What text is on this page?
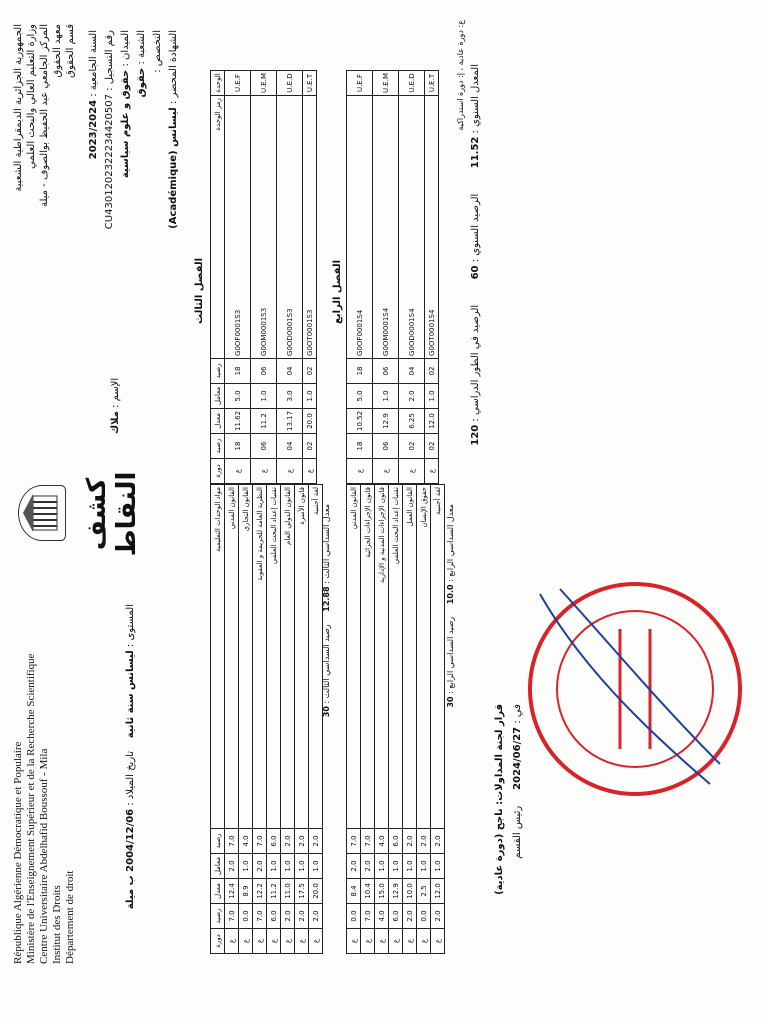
République Algérienne Démocratique et Populaire Ministère de l'Enseignement Supérieur et de la Recherche Scientifique Centre Universitaire Abdelhafid Boussouf - Mila Institut des Droits Département de droit
الجمهورية الجزائرية الديمقراطية الشعبية وزارة التعليم العالي والبحث العلمي المركز الجامعي عبد الحفيظ بوالصوف - ميلة معهد الحقوق قسم الحقوق
كشف النقاط
السنة الجامعية : 2023/2024
رقم التسجيل : CU430120232223442050​7
الميدان : حقوق و علوم سياسية
الشعبة : حقوق
التخصص : الشهادة المحضر : ليسانس (Académique)
الإسم : ملاك
المستوى : ليسانس سنة ثانية    تاريخ الميلاد : 2004/12/06 ب ميلة
دورة	رصيد	معدل	معامل	رصيد	مواد الوحدات التعليمية
ع	7.0	12.4	2.0	7.0	القانون المدني
ع	0.0	8.9	1.0	4.0	القانون التجاري
ع	7.0	12.2	2.0	7.0	النظرية العامة للجريمة و العقوبة
ع	6.0	11.2	1.0	6.0	تقنيات إعداد البحث العلمي
ع	2.0	11.0	1.0	2.0	القانون الدولي العام
ع	2.0	17.5	1.0	2.0	قانون الأسرة
ع	2.0	20.0	1.0	2.0	لغة أجنبية
الفصل الثالث
دورة	رصيد	معدل	معامل	رصيد	رمز الوحدة	الوحدة
ع	18	11.62	5.0	18	G0OF0001S3	U.E.F
ع	06	11.2	1.0	06	G0OM0001S3	U.E.M
ع	04	13.17	3.0	04	G0OD0001S3	U.E.D
ع	02	20.0	1.0	02	G0OT0001S3	U.E.T
معدل السداسي الثالث : 12.88     رصيد السداسي الثالث : 30
ع	0.0	8.4	2.0	7.0	القانون المدني
ع	7.0	10.4	2.0	7.0	قانون الإجراءات الجزائية
ع	4.0	15.0	1.0	4.0	قانون الإجراءات المدنية و الإدارية
ع	6.0	12.9	1.0	6.0	تقنيات إعداد البحث العلمي
ع	2.0	10.0	1.0	2.0	القانون العمل
ع	0.0	2.5	1.0	2.0	حقوق الإنسان
ع	2.0	12.0	1.0	2.0	لغة أجنبية
الفصل الرابع
ع	18	10.52	5.0	18	G0OF0001S4	U.E.F
ع	06	12.9	1.0	06	G0OM0001S4	U.E.M
ع	02	6.25	2.0	04	G0OD0001S4	U.E.D
ع	02	12.0	1.0	02	G0OT0001S4	U.E.T
معدل السداسي الرابع : 10.0     رصيد السداسي الرابع : 30
المعدل السنوي : 11.52        الرصيد السنوي : 60        الرصيد في الطور الدراسي : 120
ع: دورة عادية ، إ: دورة استدراكية
قرار لجنة المداولات: ناجح (دورة عادية) في : 2024/06/27     رئيس القسم
